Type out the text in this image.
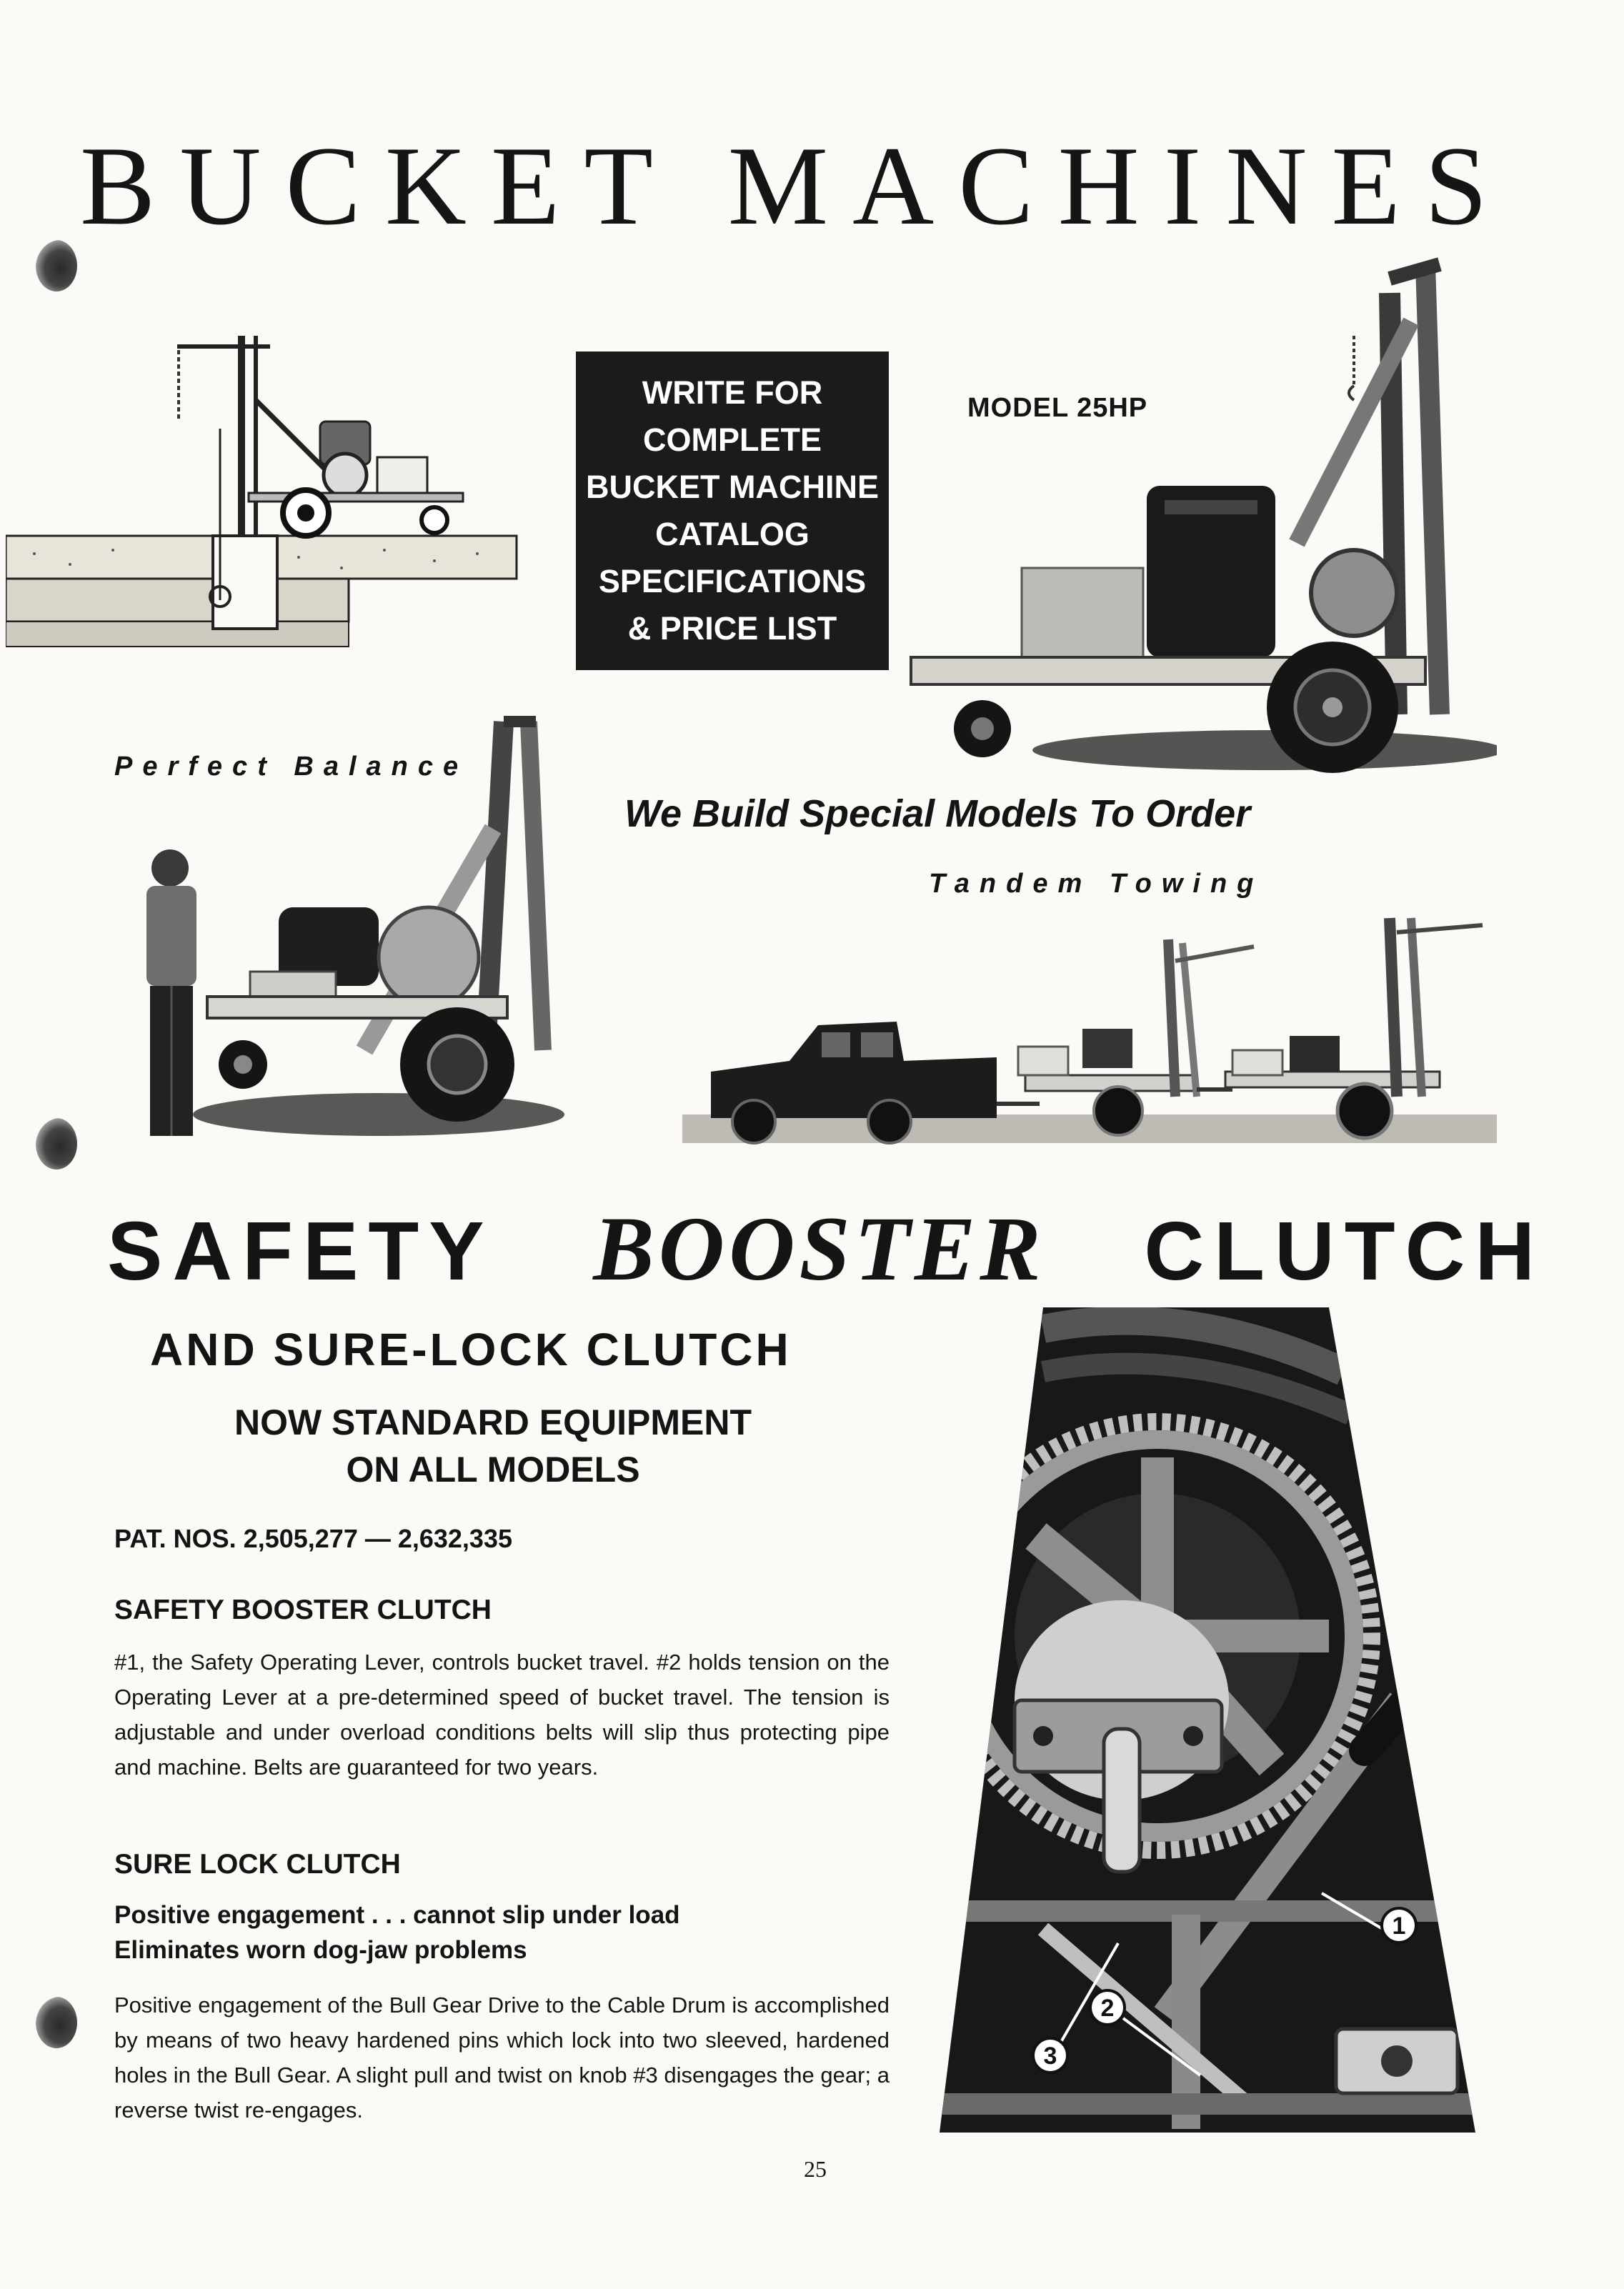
BUCKET MACHINES
WRITE FOR
COMPLETE
BUCKET MACHINE
CATALOG
SPECIFICATIONS
& PRICE LIST
MODEL 25HP
Perfect Balance
We Build Special Models To Order
Tandem Towing
SAFETY BOOSTER CLUTCH
AND SURE-LOCK CLUTCH
NOW STANDARD EQUIPMENT
ON ALL MODELS
PAT. NOS. 2,505,277 — 2,632,335
SAFETY BOOSTER CLUTCH
#1, the Safety Operating Lever, controls bucket travel. #2 holds tension on the Operating Lever at a pre-determined speed of bucket travel. The tension is adjustable and under overload conditions belts will slip thus protecting pipe and machine. Belts are guaranteed for two years.
SURE LOCK CLUTCH
Positive engagement . . . cannot slip under load
Eliminates worn dog-jaw problems
Positive engagement of the Bull Gear Drive to the Cable Drum is accomplished by means of two heavy hardened pins which lock into two sleeved, hardened holes in the Bull Gear. A slight pull and twist on knob #3 disengages the gear; a reverse twist re-engages.
1
2
3
25
